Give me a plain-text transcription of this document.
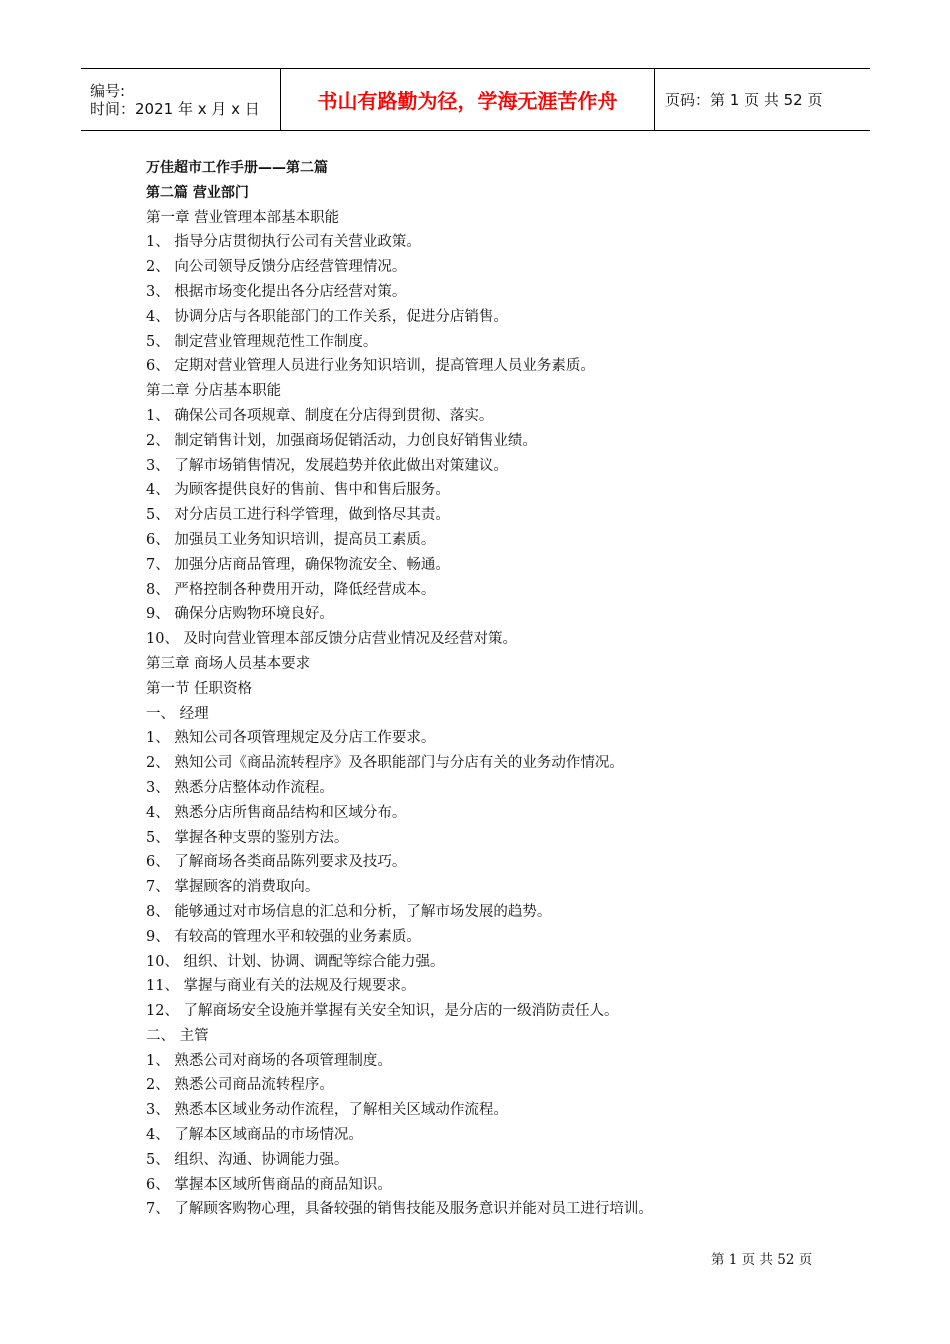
编号:
时间：2021 年 x 月 x 日	书山有路勤为径，学海无涯苦作舟	页码：第 1 页 共 52 页
万佳超市工作手册——第二篇
第二篇 营业部门
第一章 营业管理本部基本职能
1、 指导分店贯彻执行公司有关营业政策。
2、 向公司领导反馈分店经营管理情况。
3、 根据市场变化提出各分店经营对策。
4、 协调分店与各职能部门的工作关系，促进分店销售。
5、 制定营业管理规范性工作制度。
6、 定期对营业管理人员进行业务知识培训，提高管理人员业务素质。
第二章 分店基本职能
1、 确保公司各项规章、制度在分店得到贯彻、落实。
2、 制定销售计划，加强商场促销活动，力创良好销售业绩。
3、 了解市场销售情况，发展趋势并依此做出对策建议。
4、 为顾客提供良好的售前、售中和售后服务。
5、 对分店员工进行科学管理，做到恪尽其责。
6、 加强员工业务知识培训，提高员工素质。
7、 加强分店商品管理，确保物流安全、畅通。
8、 严格控制各种费用开动，降低经营成本。
9、 确保分店购物环境良好。
10、 及时向营业管理本部反馈分店营业情况及经营对策。
第三章 商场人员基本要求
第一节 任职资格
一、 经理
1、 熟知公司各项管理规定及分店工作要求。
2、 熟知公司《商品流转程序》及各职能部门与分店有关的业务动作情况。
3、 熟悉分店整体动作流程。
4、 熟悉分店所售商品结构和区域分布。
5、 掌握各种支票的鉴别方法。
6、 了解商场各类商品陈列要求及技巧。
7、 掌握顾客的消费取向。
8、 能够通过对市场信息的汇总和分析，了解市场发展的趋势。
9、 有较高的管理水平和较强的业务素质。
10、 组织、计划、协调、调配等综合能力强。
11、 掌握与商业有关的法规及行规要求。
12、 了解商场安全设施并掌握有关安全知识，是分店的一级消防责任人。
二、 主管
1、 熟悉公司对商场的各项管理制度。
2、 熟悉公司商品流转程序。
3、 熟悉本区域业务动作流程，了解相关区域动作流程。
4、 了解本区域商品的市场情况。
5、 组织、沟通、协调能力强。
6、 掌握本区域所售商品的商品知识。
7、 了解顾客购物心理，具备较强的销售技能及服务意识并能对员工进行培训。
第 1 页 共 52 页
